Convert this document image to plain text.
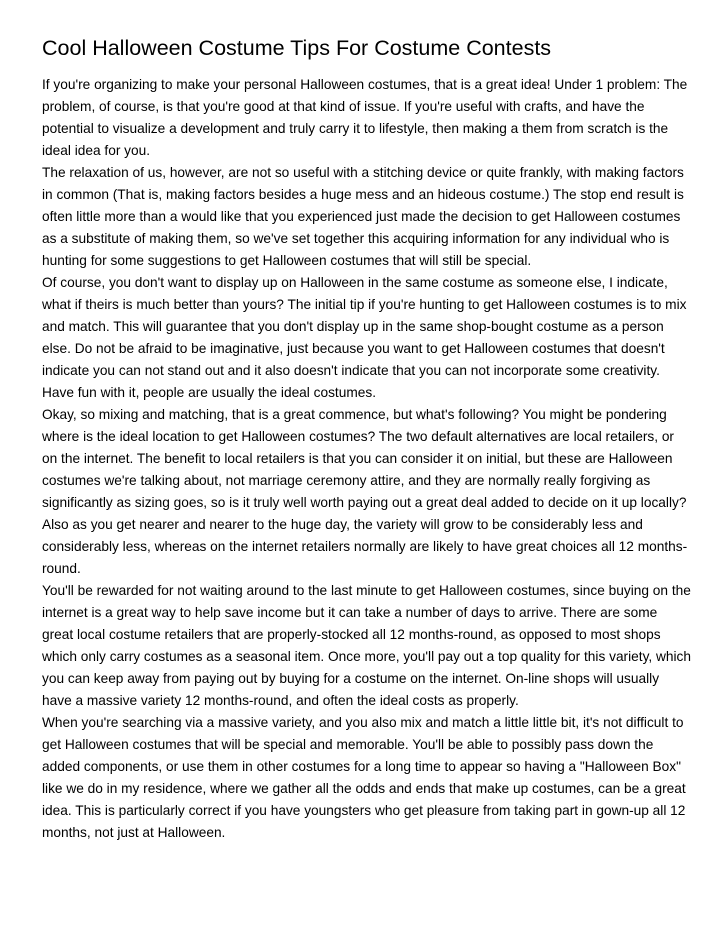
Cool Halloween Costume Tips For Costume Contests

If you're organizing to make your personal Halloween costumes, that is a great idea! Under 1 problem: The problem, of course, is that you're good at that kind of issue. If you're useful with crafts, and have the potential to visualize a development and truly carry it to lifestyle, then making a them from scratch is the ideal idea for you.

The relaxation of us, however, are not so useful with a stitching device or quite frankly, with making factors in common (That is, making factors besides a huge mess and an hideous costume.) The stop end result is often little more than a would like that you experienced just made the decision to get Halloween costumes as a substitute of making them, so we've set together this acquiring information for any individual who is hunting for some suggestions to get Halloween costumes that will still be special.

Of course, you don't want to display up on Halloween in the same costume as someone else, I indicate, what if theirs is much better than yours? The initial tip if you're hunting to get Halloween costumes is to mix and match. This will guarantee that you don't display up in the same shop-bought costume as a person else. Do not be afraid to be imaginative, just because you want to get Halloween costumes that doesn't indicate you can not stand out and it also doesn't indicate that you can not incorporate some creativity. Have fun with it, people are usually the ideal costumes.

Okay, so mixing and matching, that is a great commence, but what's following? You might be pondering where is the ideal location to get Halloween costumes? The two default alternatives are local retailers, or on the internet. The benefit to local retailers is that you can consider it on initial, but these are Halloween costumes we're talking about, not marriage ceremony attire, and they are normally really forgiving as significantly as sizing goes, so is it truly well worth paying out a great deal added to decide on it up locally? Also as you get nearer and nearer to the huge day, the variety will grow to be considerably less and considerably less, whereas on the internet retailers normally are likely to have great choices all 12 months-round.

You'll be rewarded for not waiting around to the last minute to get Halloween costumes, since buying on the internet is a great way to help save income but it can take a number of days to arrive. There are some great local costume retailers that are properly-stocked all 12 months-round, as opposed to most shops which only carry costumes as a seasonal item. Once more, you'll pay out a top quality for this variety, which you can keep away from paying out by buying for a costume on the internet. On-line shops will usually have a massive variety 12 months-round, and often the ideal costs as properly.

When you're searching via a massive variety, and you also mix and match a little little bit, it's not difficult to get Halloween costumes that will be special and memorable. You'll be able to possibly pass down the added components, or use them in other costumes for a long time to appear so having a "Halloween Box" like we do in my residence, where we gather all the odds and ends that make up costumes, can be a great idea. This is particularly correct if you have youngsters who get pleasure from taking part in gown-up all 12 months, not just at Halloween.
